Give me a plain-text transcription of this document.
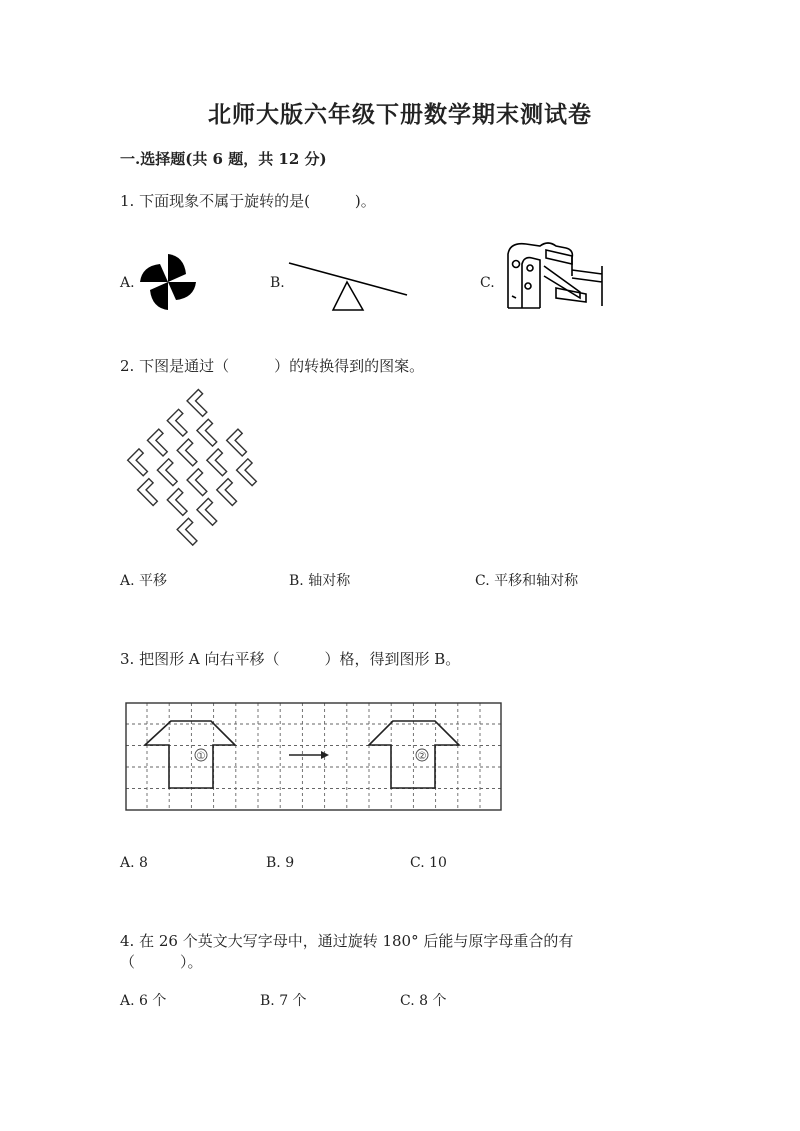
北师大版六年级下册数学期末测试卷
一.选择题(共 6 题，共 12 分)
1. 下面现象不属于旋转的是(　　　)。
A.	B.	C.
2. 下图是通过（　　　）的转换得到的图案。
A. 平移	B. 轴对称	C. 平移和轴对称
3. 把图形 A 向右平移（　　　）格，得到图形 B。
①	②
A. 8	B. 9	C. 10
4. 在 26 个英文大写字母中，通过旋转 180° 后能与原字母重合的有
（　　　）。
A. 6 个	B. 7 个	C. 8 个
